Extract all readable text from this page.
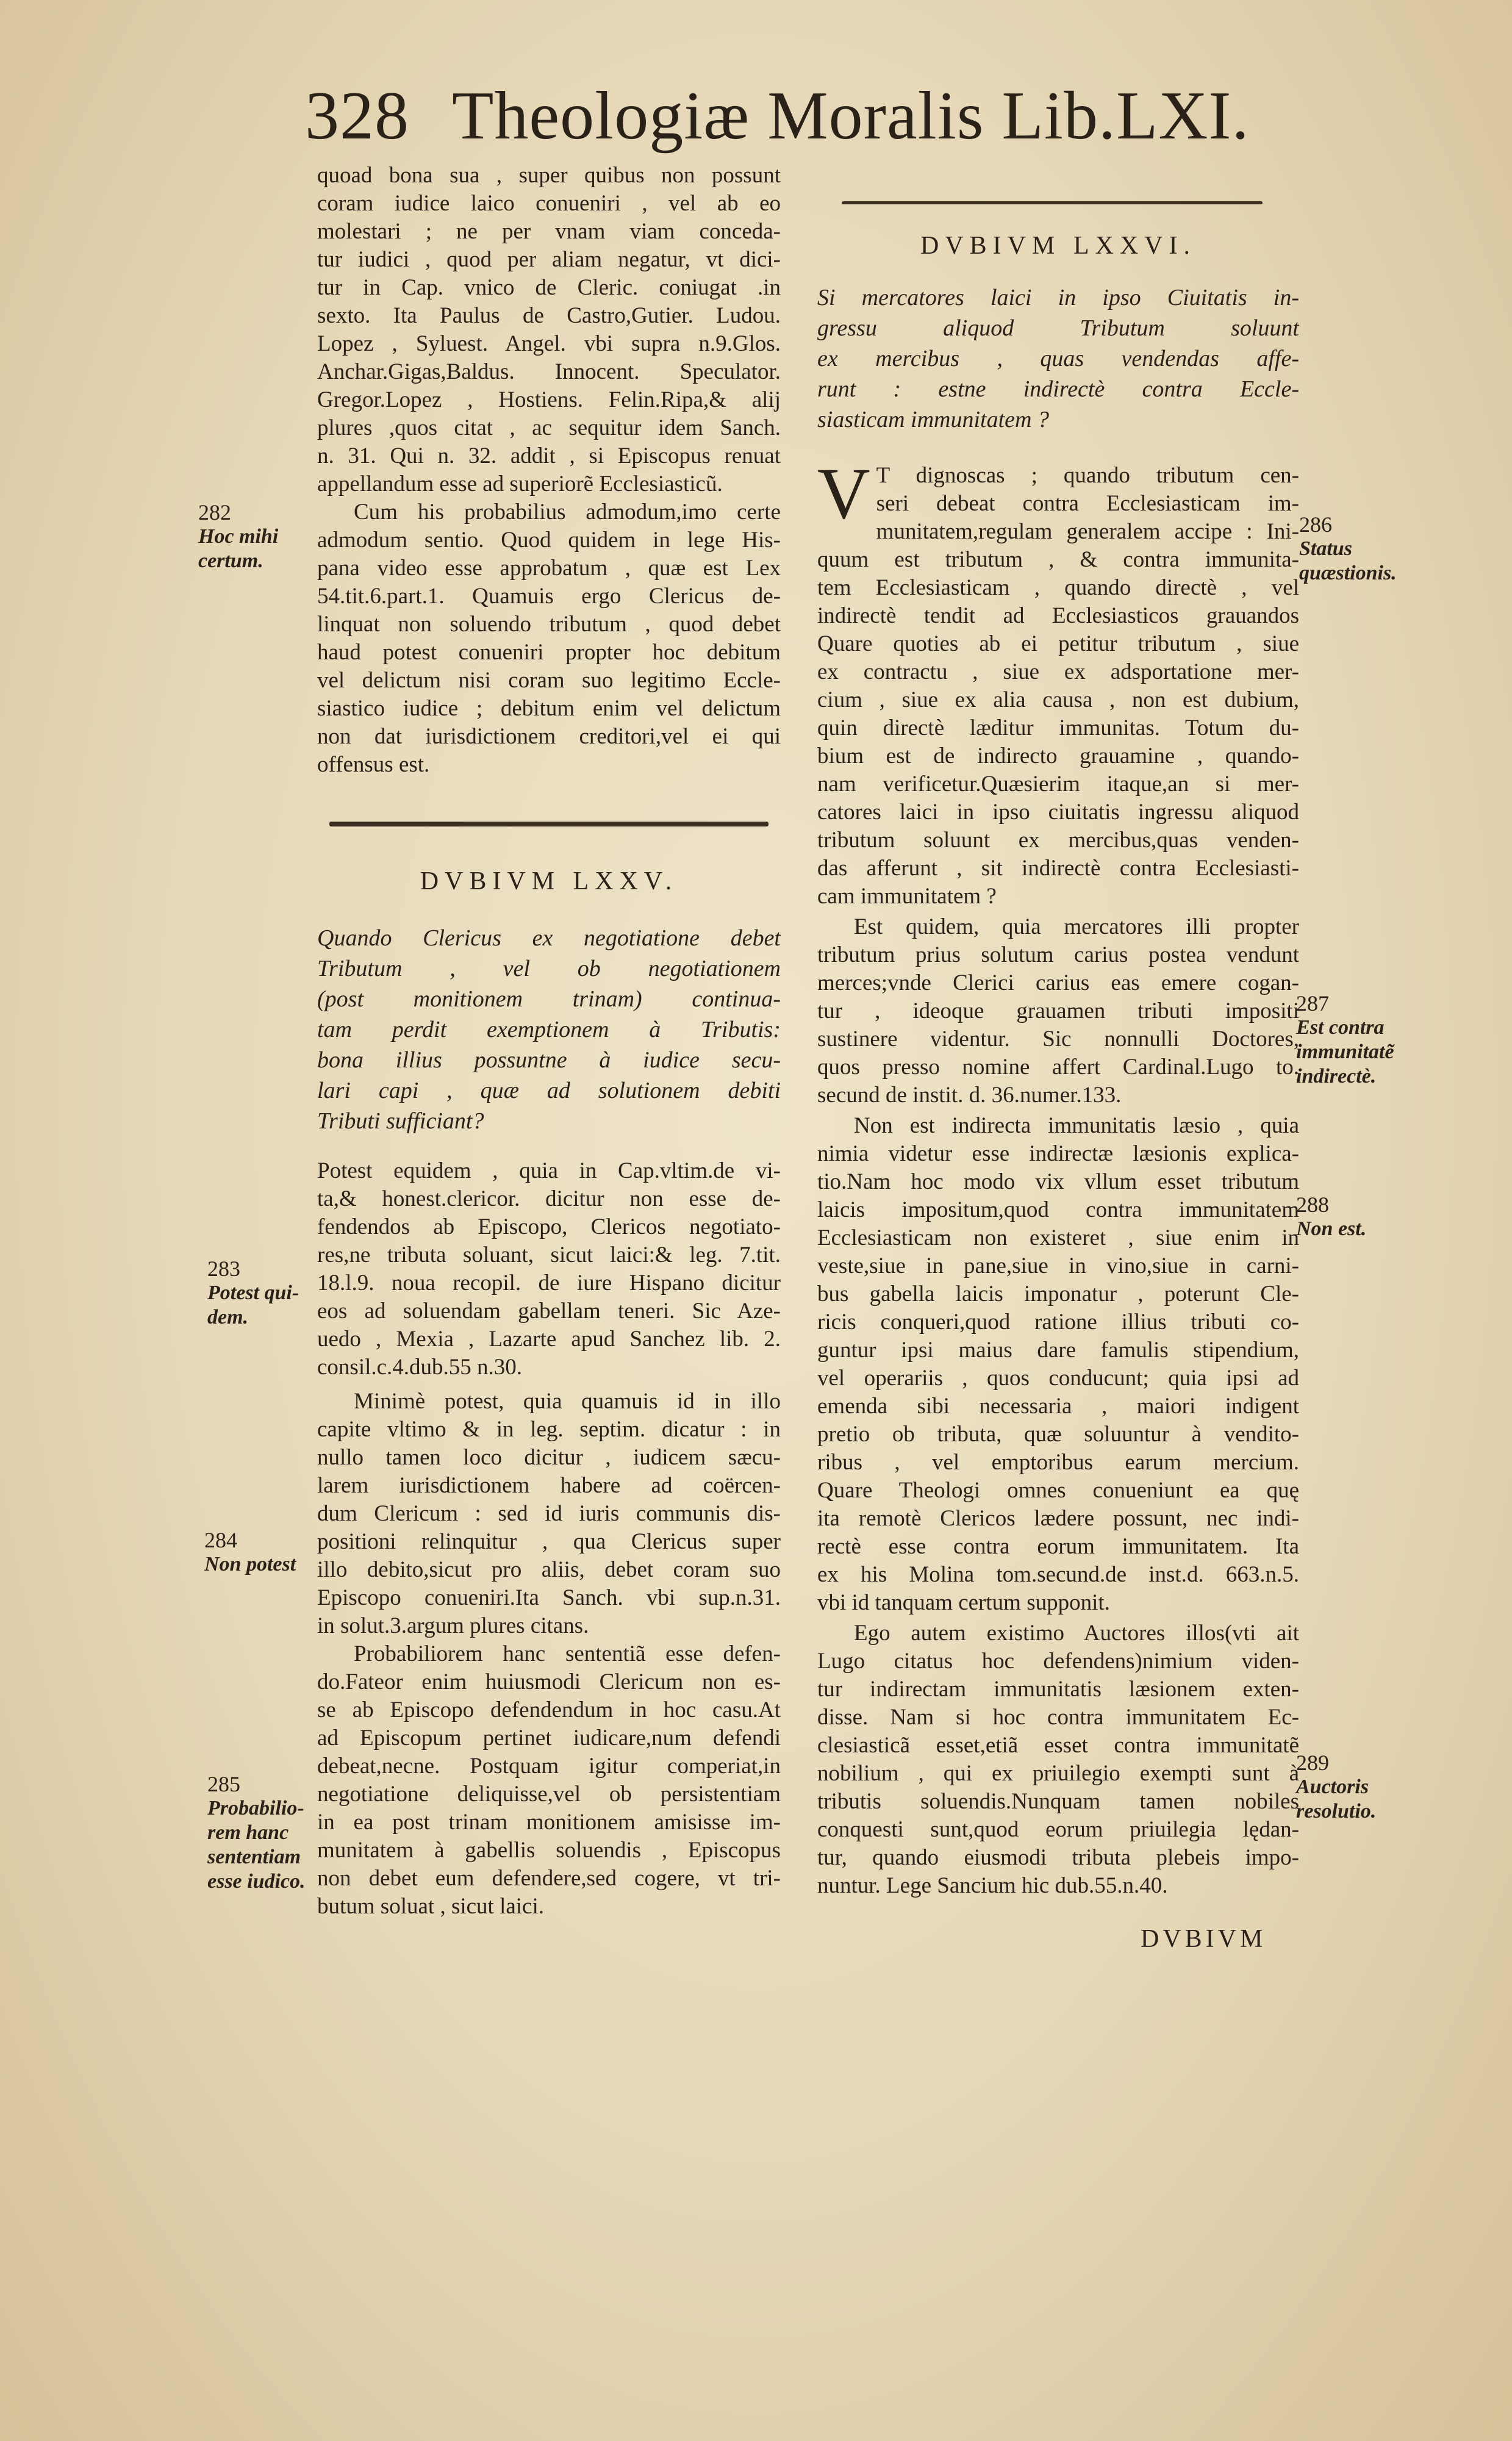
328 Theologiæ Moralis Lib.LXI.
quoad bona sua , super quibus non possunt
coram iudice laico conueniri , vel ab eo
molestari ; ne per vnam viam conceda-
tur iudici , quod per aliam negatur, vt dici-
tur in Cap. vnico de Cleric. coniugat .in
sexto. Ita Paulus de Castro,Gutier. Ludou.
Lopez , Syluest. Angel. vbi supra n.9.Glos.
Anchar.Gigas,Baldus. Innocent. Speculator.
Gregor.Lopez , Hostiens. Felin.Ripa,& alij
plures ,quos citat , ac sequitur idem Sanch.
n. 31. Qui n. 32. addit , si Episcopus renuat
appellandum esse ad superiorẽ Ecclesiasticũ.
Cum his probabilius admodum,imo certe
admodum sentio. Quod quidem in lege His-
pana video esse approbatum , quæ est Lex
54.tit.6.part.1. Quamuis ergo Clericus de-
linquat non soluendo tributum , quod debet
haud potest conueniri propter hoc debitum
vel delictum nisi coram suo legitimo Eccle-
siastico iudice ; debitum enim vel delictum
non dat iurisdictionem creditori,vel ei qui
offensus est.
DVBIVM LXXV.
Quando Clericus ex negotiatione debet
Tributum , vel ob negotiationem
(post monitionem trinam) continua-
tam perdit exemptionem à Tributis:
bona illius possuntne à iudice secu-
lari capi , quæ ad solutionem debiti
Tributi sufficiant?
Potest equidem , quia in Cap.vltim.de vi-
ta,& honest.clericor. dicitur non esse de-
fendendos ab Episcopo, Clericos negotiato-
res,ne tributa soluant, sicut laici:& leg. 7.tit.
18.l.9. noua recopil. de iure Hispano dicitur
eos ad soluendam gabellam teneri. Sic Aze-
uedo , Mexia , Lazarte apud Sanchez lib. 2.
consil.c.4.dub.55 n.30.
Minimè potest, quia quamuis id in illo
capite vltimo & in leg. septim. dicatur : in
nullo tamen loco dicitur , iudicem sæcu-
larem iurisdictionem habere ad coërcen-
dum Clericum : sed id iuris communis dis-
positioni relinquitur , qua Clericus super
illo debito,sicut pro aliis, debet coram suo
Episcopo conueniri.Ita Sanch. vbi sup.n.31.
in solut.3.argum plures citans.
Probabiliorem hanc sententiã esse defen-
do.Fateor enim huiusmodi Clericum non es-
se ab Episcopo defendendum in hoc casu.At
ad Episcopum pertinet iudicare,num defendi
debeat,necne. Postquam igitur comperiat,in
negotiatione deliquisse,vel ob persistentiam
in ea post trinam monitionem amisisse im-
munitatem à gabellis soluendis , Episcopus
non debet eum defendere,sed cogere, vt tri-
butum soluat , sicut laici.
DVBIVM LXXVI.
Si mercatores laici in ipso Ciuitatis in-
gressu aliquod Tributum soluunt
ex mercibus , quas vendendas affe-
runt : estne indirectè contra Eccle-
siasticam immunitatem ?
V T dignoscas ; quando tributum cen-
seri debeat contra Ecclesiasticam im-
munitatem,regulam generalem accipe : Ini-
quum est tributum , & contra immunita-
tem Ecclesiasticam , quando directè , vel
indirectè tendit ad Ecclesiasticos grauandos
Quare quoties ab ei petitur tributum , siue
ex contractu , siue ex adsportatione mer-
cium , siue ex alia causa , non est dubium,
quin directè læditur immunitas. Totum du-
bium est de indirecto grauamine , quando-
nam verificetur.Quæsierim itaque,an si mer-
catores laici in ipso ciuitatis ingressu aliquod
tributum soluunt ex mercibus,quas venden-
das afferunt , sit indirectè contra Ecclesiasti-
cam immunitatem ?
Est quidem, quia mercatores illi propter
tributum prius solutum carius postea vendunt
merces;vnde Clerici carius eas emere cogan-
tur , ideoque grauamen tributi impositi
sustinere videntur. Sic nonnulli Doctores,
quos presso nomine affert Cardinal.Lugo to.
secund de instit. d. 36.numer.133.
Non est indirecta immunitatis læsio , quia
nimia videtur esse indirectæ læsionis explica-
tio.Nam hoc modo vix vllum esset tributum
laicis impositum,quod contra immunitatem
Ecclesiasticam non existeret , siue enim in
veste,siue in pane,siue in vino,siue in carni-
bus gabella laicis imponatur , poterunt Cle-
ricis conqueri,quod ratione illius tributi co-
guntur ipsi maius dare famulis stipendium,
vel operariis , quos conducunt; quia ipsi ad
emenda sibi necessaria , maiori indigent
pretio ob tributa, quæ soluuntur à vendito-
ribus , vel emptoribus earum mercium.
Quare Theologi omnes conueniunt ea quę
ita remotè Clericos lædere possunt, nec indi-
rectè esse contra eorum immunitatem. Ita
ex his Molina tom.secund.de inst.d. 663.n.5.
vbi id tanquam certum supponit.
Ego autem existimo Auctores illos(vti ait
Lugo citatus hoc defendens)nimium viden-
tur indirectam immunitatis læsionem exten-
disse. Nam si hoc contra immunitatem Ec-
clesiasticã esset,etiã esset contra immunitatẽ
nobilium , qui ex priuilegio exempti sunt à
tributis soluendis.Nunquam tamen nobiles
conquesti sunt,quod eorum priuilegia lędan-
tur, quando eiusmodi tributa plebeis impo-
nuntur. Lege Sancium hic dub.55.n.40.
282
Hoc mihi
certum.
283
Potest qui-
dem.
284
Non potest
285
Probabilio-
rem hanc
sententiam
esse iudico.
286
Status
quæstionis.
287
Est contra
immunitatẽ
indirectè.
288
Non est.
289
Auctoris
resolutio.
DVBIVM
